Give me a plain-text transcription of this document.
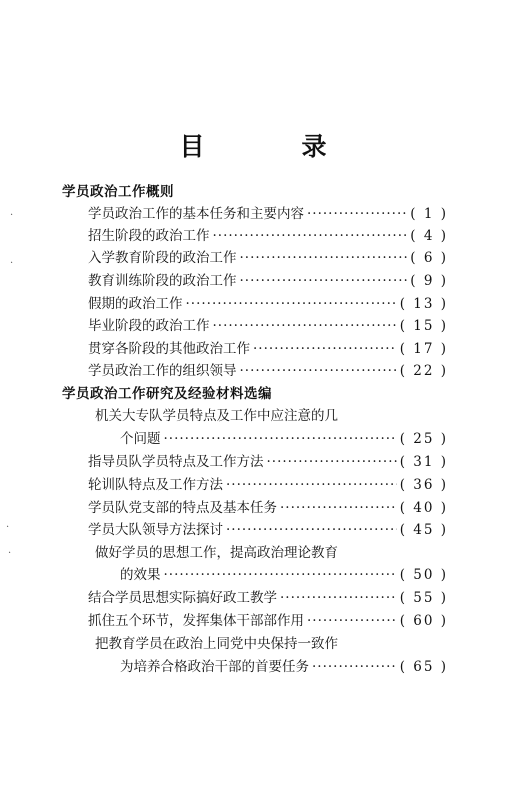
目　录
学员政治工作概则
学员政治工作的基本任务和主要内容 ·····	( 1 )
招生阶段的政治工作 ·····	( 4 )
入学教育阶段的政治工作 ·····	( 6 )
教育训练阶段的政治工作 ·····	( 9 )
假期的政治工作 ·····	( 13 )
毕业阶段的政治工作 ·····	( 15 )
贯穿各阶段的其他政治工作 ·····	( 17 )
学员政治工作的组织领导 ·····	( 22 )
学员政治工作研究及经验材料选编
机关大专队学员特点及工作中应注意的几
个问题 ·····	( 25 )
指导员队学员特点及工作方法 ·····	( 31 )
轮训队特点及工作方法 ·····	( 36 )
学员队党支部的特点及基本任务 ·····	( 40 )
学员大队领导方法探讨 ·····	( 45 )
做好学员的思想工作，提高政治理论教育
的效果 ·····	( 50 )
结合学员思想实际搞好政工教学 ·····	( 55 )
抓住五个环节，发挥集体干部部作用 ·····	( 60 )
把教育学员在政治上同党中央保持一致作
为培养合格政治干部的首要任务 ·····	( 65 )
·
·
·
·
